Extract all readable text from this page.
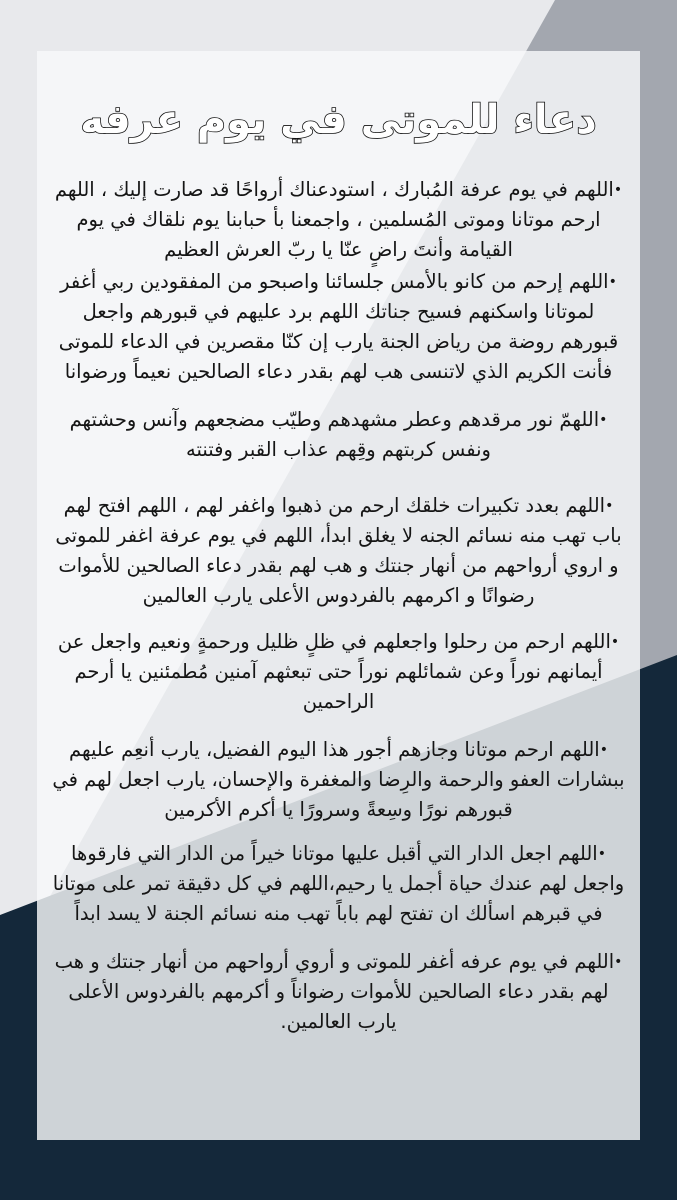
دعاء للموتى في يوم عرفه

•اللهم في يوم عرفة المُبارك ، استودعناك أرواحًا قد صارت إليك ، اللهم ارحم موتانا وموتى المُسلمين ، واجمعنا بأ حبابنا يوم نلقاك في يوم القيامة وأنتَ راضٍ عنّا يا ربّ العرش العظيم

•اللهم إرحم من كانو بالأمس جلسائنا واصبحو من المفقودين ربي أغفر لموتانا واسكنهم فسيح جناتك اللهم برد عليهم في قبورهم واجعل قبورهم روضة من رياض الجنة يارب إن كنّا مقصرين في الدعاء للموتى فأنت الكريم الذي لاتنسى هب لهم بقدر دعاء الصالحين نعيماً ورضوانا

•اللهمّ نور مرقدهم وعطر مشهدهم وطيّب مضجعهم وآنس وحشتهم ونفس كربتهم وقِهم عذاب القبر وفتنته

•اللهم بعدد تكبيرات خلقك ارحم من ذهبوا واغفر لهم ، اللهم افتح لهم باب تهب منه نسائم الجنه لا يغلق ابدأ، اللهم في يوم عرفة اغفر للموتى و اروي أرواحهم من أنهار جنتك و هب لهم بقدر دعاء الصالحين للأموات رضوانًا و اكرمهم بالفردوس الأعلى يارب العالمين

•اللهم ارحم من رحلوا واجعلهم في ظلٍ ظليل ورحمةٍ ونعيم واجعل عن أيمانهم نوراً وعن شمائلهم نوراً حتى تبعثهم آمنين مُطمئنين يا أرحم الراحمين

•اللهم ارحم موتانا وجازهم أجور هذا اليوم الفضيل، يارب أنعِم عليهم ببشارات العفو والرحمة والرِضا والمغفرة والإحسان، يارب اجعل لهم في قبورهم نورًا وسِعةً وسرورًا يا أكرم الأكرمين

•اللهم اجعل الدار التي أقبل عليها موتانا خيراً من الدار التي فارقوها واجعل لهم عندك حياة أجمل يا رحيم،اللهم في كل دقيقة تمر على موتانا في قبرهم اسألك ان تفتح لهم باباً تهب منه نسائم الجنة لا يسد ابداً

•اللهم في يوم عرفه أغفر للموتى و أروي أرواحهم من أنهار جنتك و هب لهم بقدر دعاء الصالحين للأموات رضواناً و أكرمهم بالفردوس الأعلى يارب العالمين.
